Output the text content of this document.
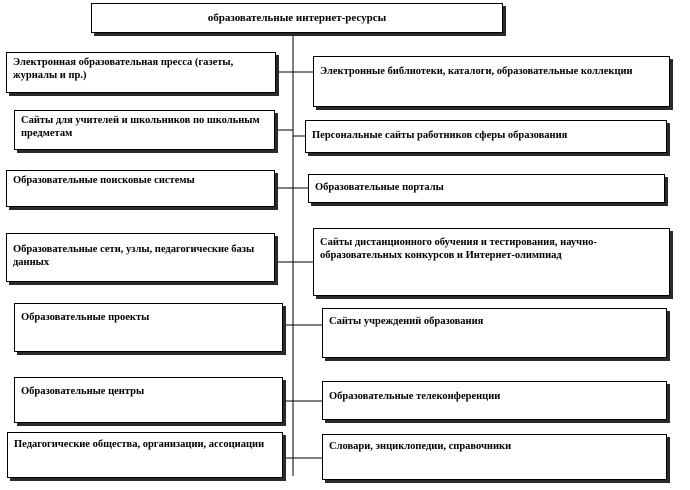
образовательные интернет-ресурсы
Электронная образовательная пресса (газеты, журналы и пр.)
Сайты для учителей и школьников по школьным предметам
Образовательные поисковые системы
Образовательные сети, узлы, педагогические базы данных
Образовательные проекты
Образовательные центры
Педагогические общества, организации, ассоциации
Электронные библиотеки, каталоги, образовательные коллекции
Персональные сайты работников сферы образования
Образовательные порталы
Сайты дистанционного обучения и тестирования, научно-образовательных конкурсов и Интернет-олимпиад
Сайты учреждений образования
Образовательные телеконференции
Словари, энциклопедии, справочники
